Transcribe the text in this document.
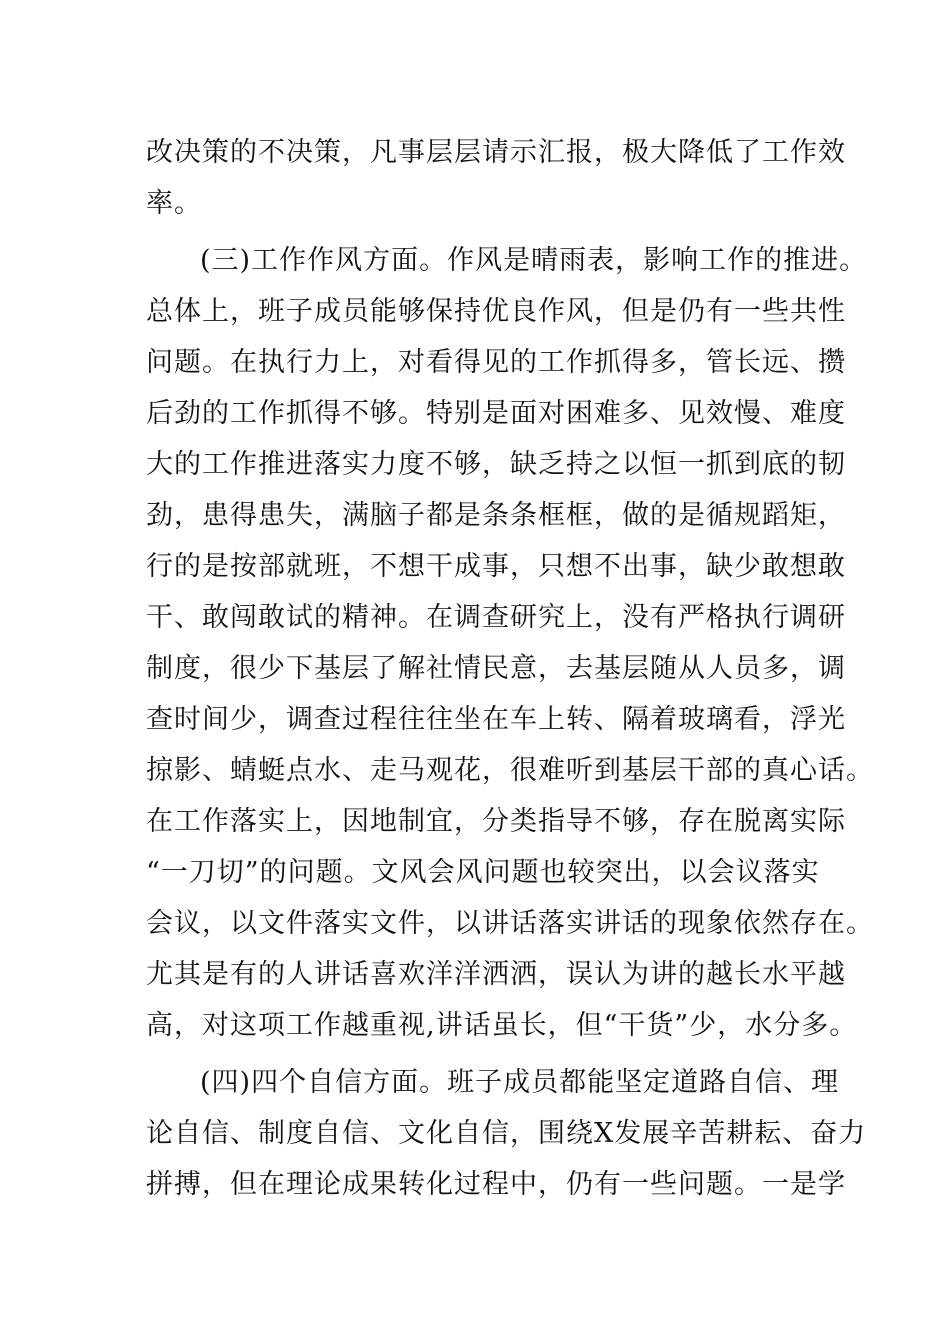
改决策的不决策，凡事层层请示汇报，极大降低了工作效
率。
(三)工作作风方面。作风是晴雨表，影响工作的推进。
总体上，班子成员能够保持优良作风，但是仍有一些共性
问题。在执行力上，对看得见的工作抓得多，管长远、攒
后劲的工作抓得不够。特别是面对困难多、见效慢、难度
大的工作推进落实力度不够，缺乏持之以恒一抓到底的韧
劲，患得患失，满脑子都是条条框框，做的是循规蹈矩，
行的是按部就班，不想干成事，只想不出事，缺少敢想敢
干、敢闯敢试的精神。在调查研究上，没有严格执行调研
制度，很少下基层了解社情民意，去基层随从人员多，调
查时间少，调查过程往往坐在车上转、隔着玻璃看，浮光
掠影、蜻蜓点水、走马观花，很难听到基层干部的真心话。
在工作落实上，因地制宜，分类指导不够，存在脱离实际
“一刀切”的问题。文风会风问题也较突出，以会议落实
会议，以文件落实文件，以讲话落实讲话的现象依然存在。
尤其是有的人讲话喜欢洋洋洒洒，误认为讲的越长水平越
高，对这项工作越重视,讲话虽长，但“干货”少，水分多。
(四)四个自信方面。班子成员都能坚定道路自信、理
论自信、制度自信、文化自信，围绕X发展辛苦耕耘、奋力
拼搏，但在理论成果转化过程中，仍有一些问题。一是学
